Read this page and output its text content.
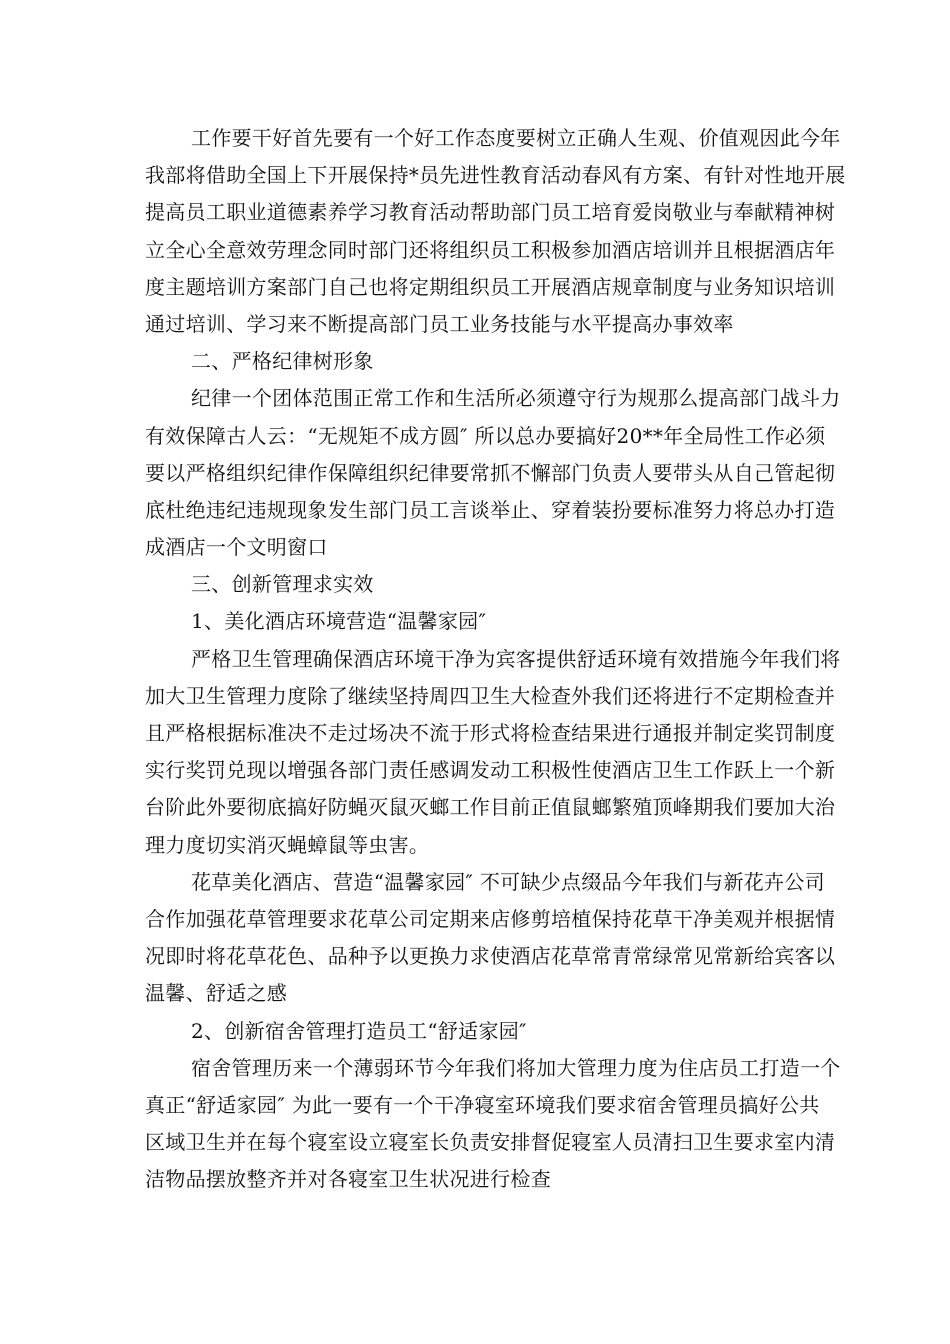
工作要干好首先要有一个好工作态度要树立正确人生观、价值观因此今年
我部将借助全国上下开展保持*员先进性教育活动春风有方案、有针对性地开展
提高员工职业道德素养学习教育活动帮助部门员工培育爱岗敬业与奉献精神树
立全心全意效劳理念同时部门还将组织员工积极参加酒店培训并且根据酒店年
度主题培训方案部门自己也将定期组织员工开展酒店规章制度与业务知识培训
通过培训、学习来不断提高部门员工业务技能与水平提高办事效率
二、严格纪律树形象
纪律一个团体范围正常工作和生活所必须遵守行为规那么提高部门战斗力
有效保障古人云：“无规矩不成方圆″ 所以总办要搞好20**年全局性工作必须
要以严格组织纪律作保障组织纪律要常抓不懈部门负责人要带头从自己管起彻
底杜绝违纪违规现象发生部门员工言谈举止、穿着装扮要标准努力将总办打造
成酒店一个文明窗口
三、创新管理求实效
1、美化酒店环境营造“温馨家园″
严格卫生管理确保酒店环境干净为宾客提供舒适环境有效措施今年我们将
加大卫生管理力度除了继续坚持周四卫生大检查外我们还将进行不定期检查并
且严格根据标准决不走过场决不流于形式将检查结果进行通报并制定奖罚制度
实行奖罚兑现以增强各部门责任感调发动工积极性使酒店卫生工作跃上一个新
台阶此外要彻底搞好防蝇灭鼠灭螂工作目前正值鼠螂繁殖顶峰期我们要加大治
理力度切实消灭蝇蟑鼠等虫害。
花草美化酒店、营造“温馨家园″ 不可缺少点缀品今年我们与新花卉公司
合作加强花草管理要求花草公司定期来店修剪培植保持花草干净美观并根据情
况即时将花草花色、品种予以更换力求使酒店花草常青常绿常见常新给宾客以
温馨、舒适之感
2、创新宿舍管理打造员工“舒适家园″
宿舍管理历来一个薄弱环节今年我们将加大管理力度为住店员工打造一个
真正“舒适家园″ 为此一要有一个干净寝室环境我们要求宿舍管理员搞好公共
区域卫生并在每个寝室设立寝室长负责安排督促寝室人员清扫卫生要求室内清
洁物品摆放整齐并对各寝室卫生状况进行检查
